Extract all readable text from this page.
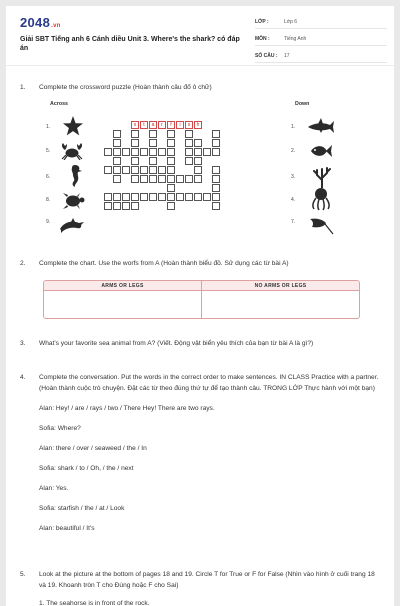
2048.vn
Giải SBT Tiếng anh 6 Cánh diều Unit 3. Where's the shark? có đáp án
LỚP :	Lớp 6
MÔN :	Tiếng Anh
SỐ CÂU :	17
1. Complete the crossword puzzle (Hoàn thành câu đố ô chữ)
Across	Down
s	t	a	r	f	i	s	h
1.
5.
6.
8.
9.
1.
2.
3.
4.
7.
2. Complete the chart. Use the worfs from A (Hoàn thành biểu đồ. Sử dụng các từ bài A)
ARMS OR LEGS	NO ARMS OR LEGS
3. What's your favorite sea animal from A? (Viết. Động vật biển yêu thích của bạn từ bài A là gì?)
4. Complete the conversation. Put the words in the correct order to make sentences. IN CLASS Practice with a partner. (Hoàn thành cuộc trò chuyện. Đặt các từ theo đúng thứ tự để tạo thành câu. TRONG LỚP Thực hành với một bạn)

Alan: Hey! / are / rays / two / There Hey! There are two rays.

Sofia: Where?

Alan: there / over / seaweed / the / In

Sofia: shark / to / Oh, / the / next

Alan: Yes.

Sofia: starfish / the / at / Look

Alan: beautiful / It's

5. Look at the picture at the bottom of pages 18 and 19. Circle T for True or F for False (Nhìn vào hình ở cuối trang 18 và 19. Khoanh tròn T cho Đúng hoặc F cho Sai)

1. The seahorse is in front of the rock.
